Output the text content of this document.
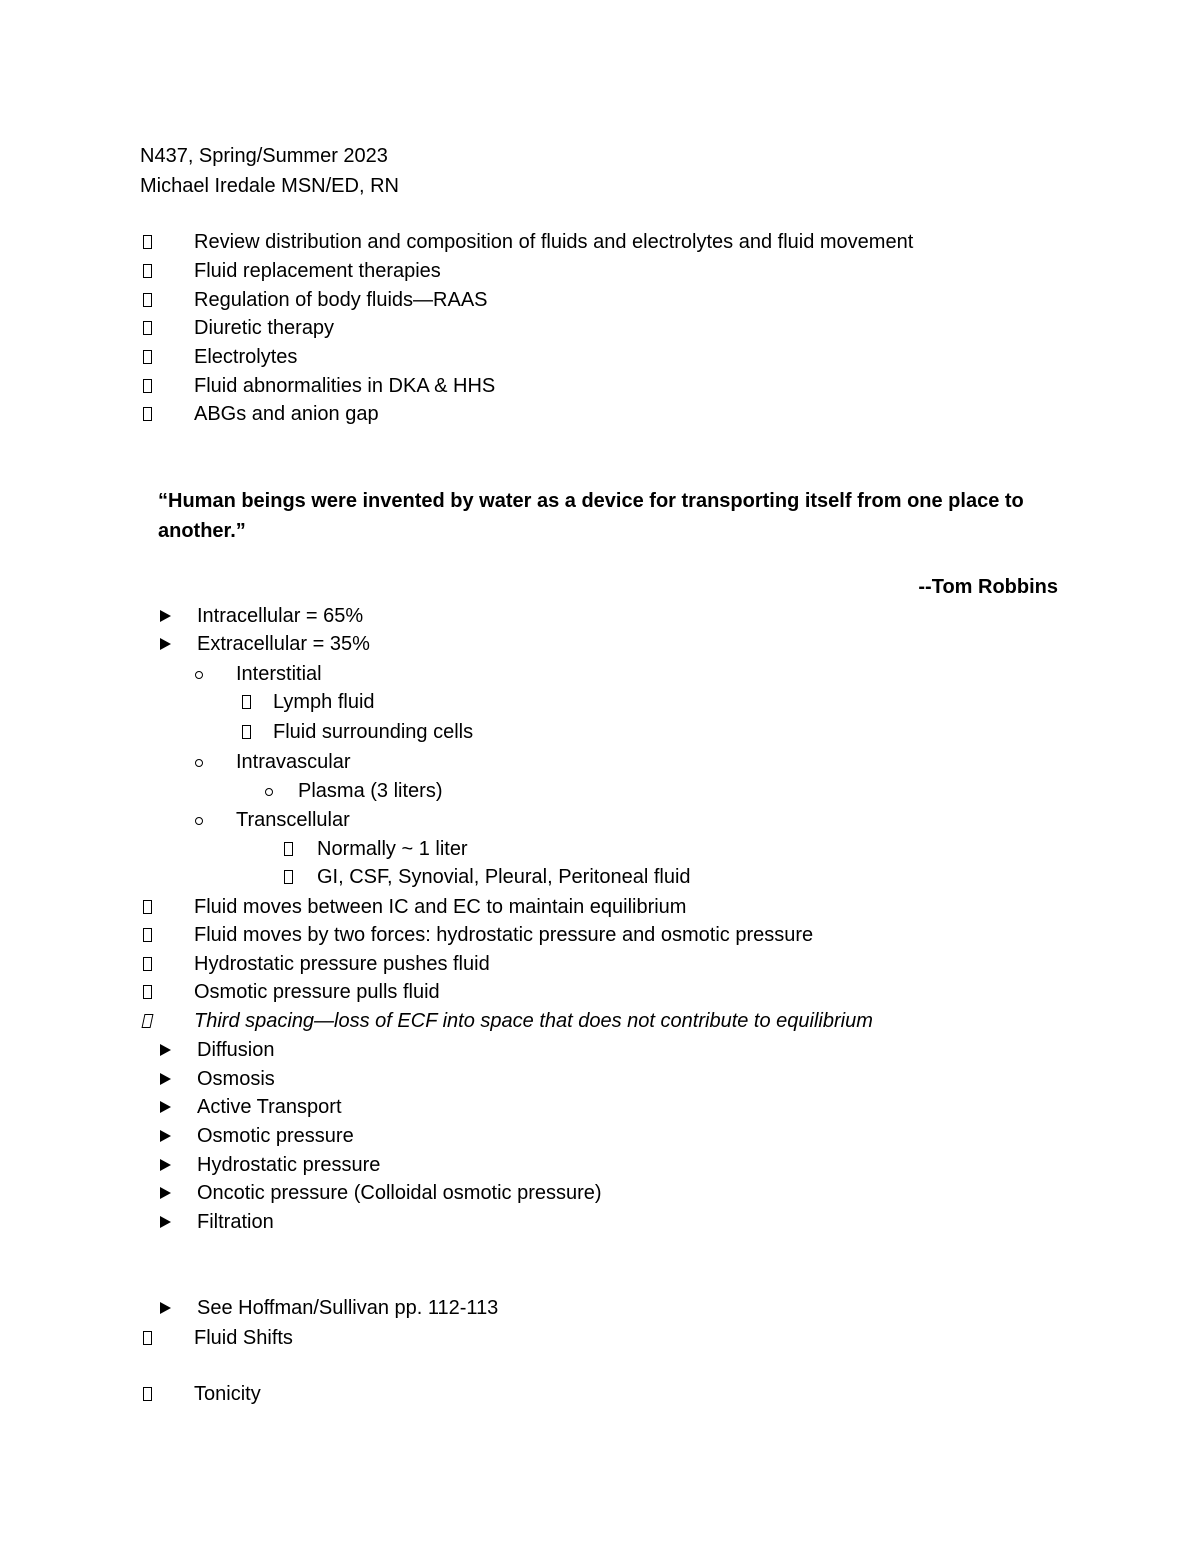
N437, Spring/Summer 2023
Michael Iredale MSN/ED, RN
Review distribution and composition of fluids and electrolytes and fluid movement
Fluid replacement therapies
Regulation of body fluids—RAAS
Diuretic therapy
Electrolytes
Fluid abnormalities in DKA & HHS
ABGs and anion gap
“Human beings were invented by water as a device for transporting itself from one place to
another.”
--Tom Robbins
Intracellular = 65%
Extracellular = 35%
Interstitial
Lymph fluid
Fluid surrounding cells
Intravascular
Plasma (3 liters)
Transcellular
Normally ~ 1 liter
GI, CSF, Synovial, Pleural, Peritoneal fluid
Fluid moves between IC and EC to maintain equilibrium
Fluid moves by two forces: hydrostatic pressure and osmotic pressure
Hydrostatic pressure pushes fluid
Osmotic pressure pulls fluid
Third spacing—loss of ECF into space that does not contribute to equilibrium
Diffusion
Osmosis
Active Transport
Osmotic pressure
Hydrostatic pressure
Oncotic pressure (Colloidal osmotic pressure)
Filtration
See Hoffman/Sullivan pp. 112-113
Fluid Shifts
Tonicity
